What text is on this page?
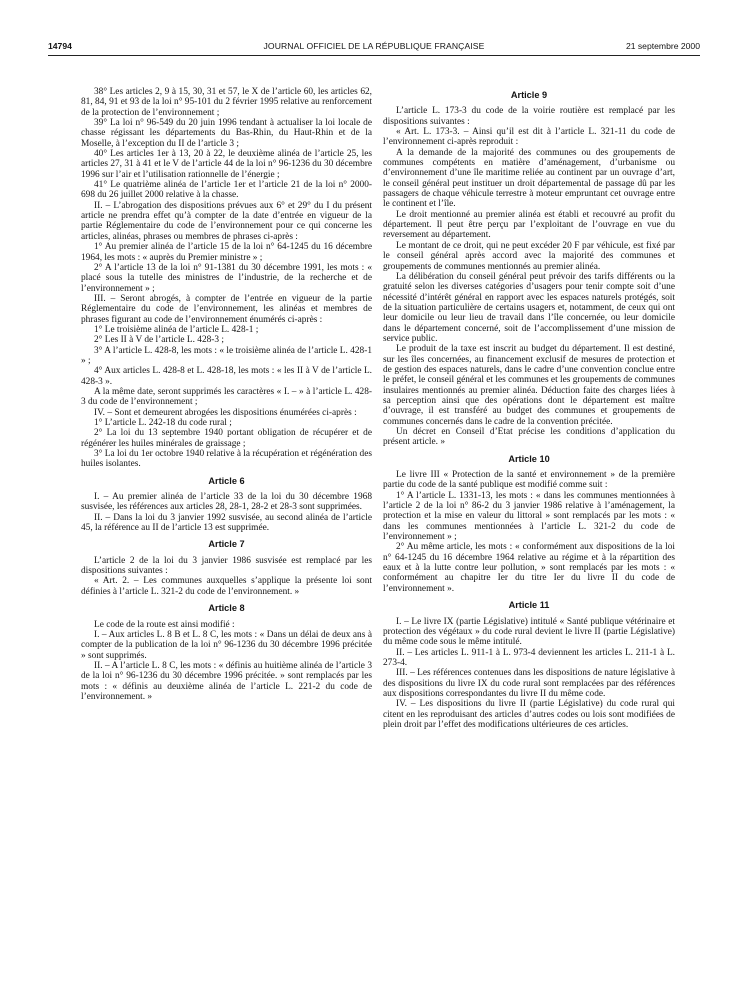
14794	JOURNAL OFFICIEL DE LA RÉPUBLIQUE FRANÇAISE	21 septembre 2000

38° Les articles 2, 9 à 15, 30, 31 et 57, le X de l’article 60, les articles 62, 81, 84, 91 et 93 de la loi n° 95-101 du 2 février 1995 relative au renforcement de la protection de l’environnement ;

39° La loi n° 96-549 du 20 juin 1996 tendant à actualiser la loi locale de chasse régissant les départements du Bas-Rhin, du Haut-Rhin et de la Moselle, à l’exception du II de l’article 3 ;

40° Les articles 1er à 13, 20 à 22, le deuxième alinéa de l’article 25, les articles 27, 31 à 41 et le V de l’article 44 de la loi n° 96-1236 du 30 décembre 1996 sur l’air et l’utilisation rationnelle de l’énergie ;

41° Le quatrième alinéa de l’article 1er et l’article 21 de la loi n° 2000-698 du 26 juillet 2000 relative à la chasse.

II. – L’abrogation des dispositions prévues aux 6° et 29° du I du présent article ne prendra effet qu’à compter de la date d’entrée en vigueur de la partie Réglementaire du code de l’environnement pour ce qui concerne les articles, alinéas, phrases ou membres de phrases ci-après :

1° Au premier alinéa de l’article 15 de la loi n° 64-1245 du 16 décembre 1964, les mots : « auprès du Premier ministre » ;

2° A l’article 13 de la loi n° 91-1381 du 30 décembre 1991, les mots : « placé sous la tutelle des ministres de l’industrie, de la recherche et de l’environnement » ;

III. – Seront abrogés, à compter de l’entrée en vigueur de la partie Réglementaire du code de l’environnement, les alinéas et membres de phrases figurant au code de l’environnement énumérés ci-après :

1° Le troisième alinéa de l’article L. 428-1 ;

2° Les II à V de l’article L. 428-3 ;

3° A l’article L. 428-8, les mots : « le troisième alinéa de l’article L. 428-1 » ;

4° Aux articles L. 428-8 et L. 428-18, les mots : « les II à V de l’article L. 428-3 ».

A la même date, seront supprimés les caractères « I. – » à l’article L. 428-3 du code de l’environnement ;

IV. – Sont et demeurent abrogées les dispositions énumérées ci-après :

1° L’article L. 242-18 du code rural ;

2° La loi du 13 septembre 1940 portant obligation de récupérer et de régénérer les huiles minérales de graissage ;

3° La loi du 1er octobre 1940 relative à la récupération et régénération des huiles isolantes.

Article 6

I. – Au premier alinéa de l’article 33 de la loi du 30 décembre 1968 susvisée, les références aux articles 28, 28-1, 28-2 et 28-3 sont supprimées.

II. – Dans la loi du 3 janvier 1992 susvisée, au second alinéa de l’article 45, la référence au II de l’article 13 est supprimée.

Article 7

L’article 2 de la loi du 3 janvier 1986 susvisée est remplacé par les dispositions suivantes :

« Art. 2. – Les communes auxquelles s’applique la présente loi sont définies à l’article L. 321-2 du code de l’environnement. »

Article 8

Le code de la route est ainsi modifié :

I. – Aux articles L. 8 B et L. 8 C, les mots : « Dans un délai de deux ans à compter de la publication de la loi n° 96-1236 du 30 décembre 1996 précitée » sont supprimés.

II. – A l’article L. 8 C, les mots : « définis au huitième alinéa de l’article 3 de la loi n° 96-1236 du 30 décembre 1996 précitée. » sont remplacés par les mots : « définis au deuxième alinéa de l’article L. 221-2 du code de l’environnement. »

Article 9

L’article L. 173-3 du code de la voirie routière est remplacé par les dispositions suivantes :

« Art. L. 173-3. – Ainsi qu’il est dit à l’article L. 321-11 du code de l’environnement ci-après reproduit :

A la demande de la majorité des communes ou des groupements de communes compétents en matière d’aménagement, d’urbanisme ou d’environnement d’une île maritime reliée au continent par un ouvrage d’art, le conseil général peut instituer un droit départemental de passage dû par les passagers de chaque véhicule terrestre à moteur empruntant cet ouvrage entre le continent et l’île.

Le droit mentionné au premier alinéa est établi et recouvré au profit du département. Il peut être perçu par l’exploitant de l’ouvrage en vue du reversement au département.

Le montant de ce droit, qui ne peut excéder 20 F par véhicule, est fixé par le conseil général après accord avec la majorité des communes et groupements de communes mentionnés au premier alinéa.

La délibération du conseil général peut prévoir des tarifs différents ou la gratuité selon les diverses catégories d’usagers pour tenir compte soit d’une nécessité d’intérêt général en rapport avec les espaces naturels protégés, soit de la situation particulière de certains usagers et, notamment, de ceux qui ont leur domicile ou leur lieu de travail dans l’île concernée, ou leur domicile dans le département concerné, soit de l’accomplissement d’une mission de service public.

Le produit de la taxe est inscrit au budget du département. Il est destiné, sur les îles concernées, au financement exclusif de mesures de protection et de gestion des espaces naturels, dans le cadre d’une convention conclue entre le préfet, le conseil général et les communes et les groupements de communes insulaires mentionnés au premier alinéa. Déduction faite des charges liées à sa perception ainsi que des opérations dont le département est maître d’ouvrage, il est transféré au budget des communes et groupements de communes concernés dans le cadre de la convention précitée.

Un décret en Conseil d’Etat précise les conditions d’application du présent article. »

Article 10

Le livre III « Protection de la santé et environnement » de la première partie du code de la santé publique est modifié comme suit :

1° A l’article L. 1331-13, les mots : « dans les communes mentionnées à l’article 2 de la loi n° 86-2 du 3 janvier 1986 relative à l’aménagement, la protection et la mise en valeur du littoral » sont remplacés par les mots : « dans les communes mentionnées à l’article L. 321-2 du code de l’environnement » ;

2° Au même article, les mots : « conformément aux dispositions de la loi n° 64-1245 du 16 décembre 1964 relative au régime et à la répartition des eaux et à la lutte contre leur pollution, » sont remplacés par les mots : « conformément au chapitre Ier du titre Ier du livre II du code de l’environnement ».

Article 11

I. – Le livre IX (partie Législative) intitulé « Santé publique vétérinaire et protection des végétaux » du code rural devient le livre II (partie Législative) du même code sous le même intitulé.

II. – Les articles L. 911-1 à L. 973-4 deviennent les articles L. 211-1 à L. 273-4.

III. – Les références contenues dans les dispositions de nature législative à des dispositions du livre IX du code rural sont remplacées par des références aux dispositions correspondantes du livre II du même code.

IV. – Les dispositions du livre II (partie Législative) du code rural qui citent en les reproduisant des articles d’autres codes ou lois sont modifiées de plein droit par l’effet des modifications ultérieures de ces articles.
